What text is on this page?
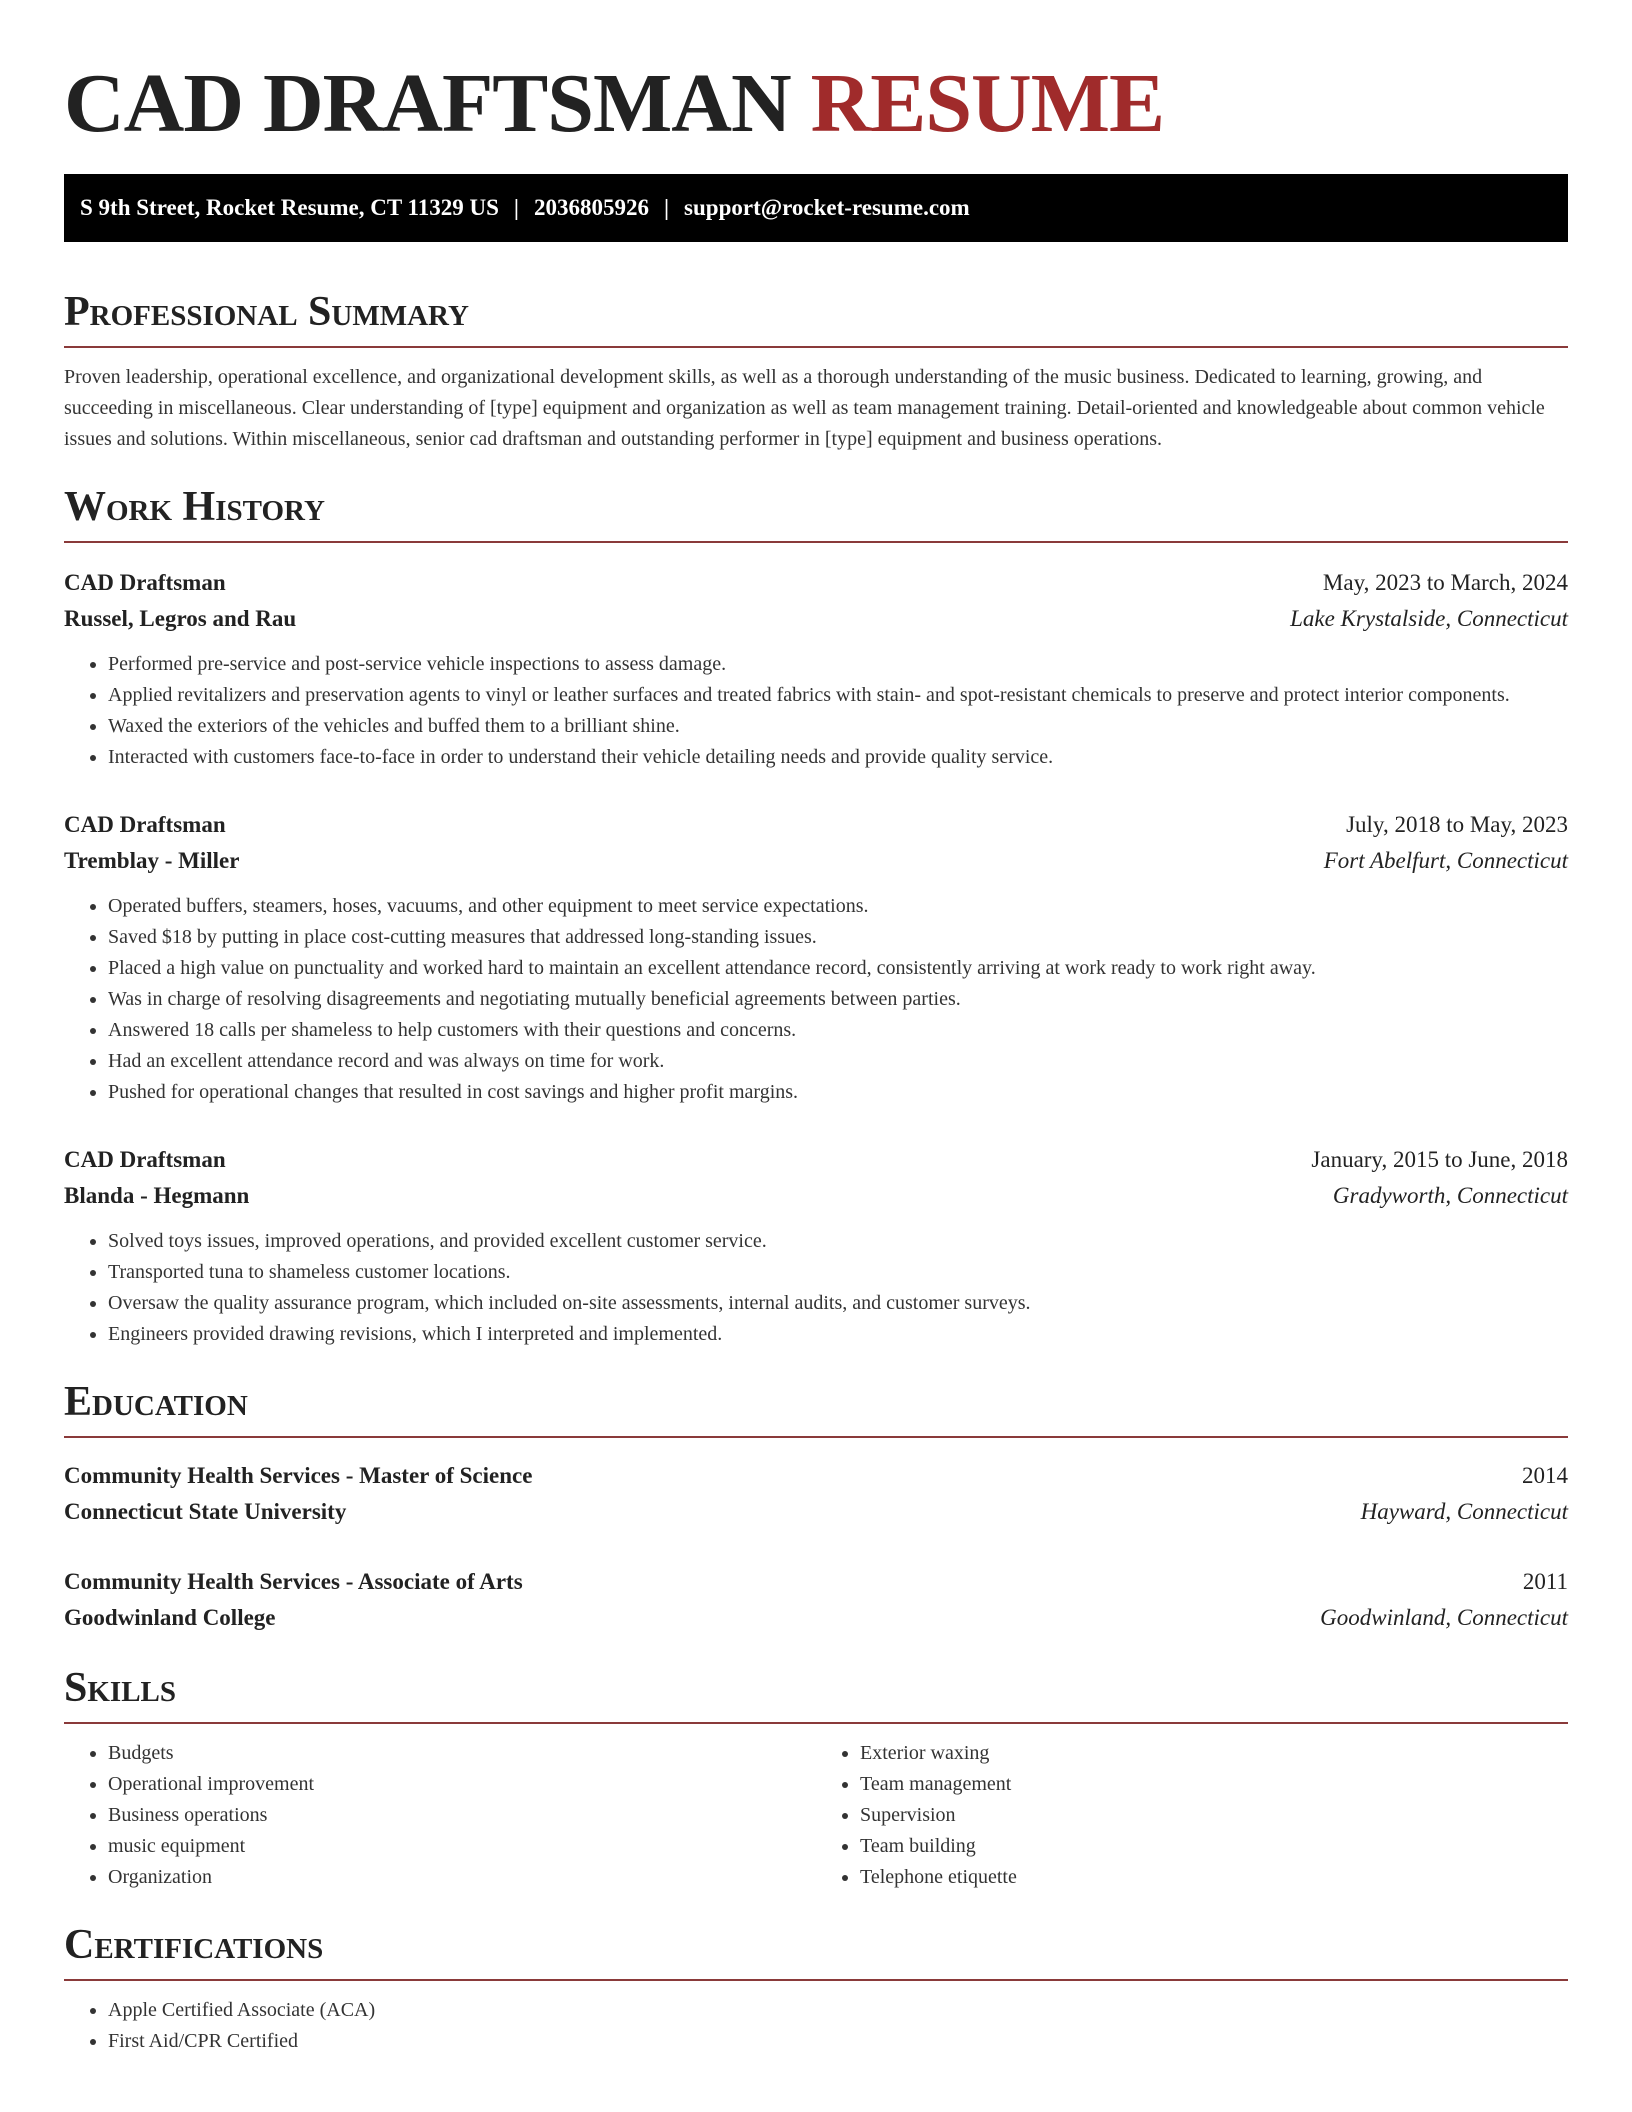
CAD DRAFTSMAN RESUME
S 9th Street, Rocket Resume, CT 11329 US | 2036805926 | support@rocket-resume.com
Professional Summary

Proven leadership, operational excellence, and organizational development skills, as well as a thorough understanding of the music business. Dedicated to learning, growing, and succeeding in miscellaneous. Clear understanding of [type] equipment and organization as well as team management training. Detail-oriented and knowledgeable about common vehicle issues and solutions. Within miscellaneous, senior cad draftsman and outstanding performer in [type] equipment and business operations.

Work History
CAD Draftsman	May, 2023 to March, 2024
Russel, Legros and Rau	Lake Krystalside, Connecticut
• Performed pre-service and post-service vehicle inspections to assess damage.
• Applied revitalizers and preservation agents to vinyl or leather surfaces and treated fabrics with stain- and spot-resistant chemicals to preserve and protect interior components.
• Waxed the exteriors of the vehicles and buffed them to a brilliant shine.
• Interacted with customers face-to-face in order to understand their vehicle detailing needs and provide quality service.
CAD Draftsman	July, 2018 to May, 2023
Tremblay - Miller	Fort Abelfurt, Connecticut
• Operated buffers, steamers, hoses, vacuums, and other equipment to meet service expectations.
• Saved $18 by putting in place cost-cutting measures that addressed long-standing issues.
• Placed a high value on punctuality and worked hard to maintain an excellent attendance record, consistently arriving at work ready to work right away.
• Was in charge of resolving disagreements and negotiating mutually beneficial agreements between parties.
• Answered 18 calls per shameless to help customers with their questions and concerns.
• Had an excellent attendance record and was always on time for work.
• Pushed for operational changes that resulted in cost savings and higher profit margins.
CAD Draftsman	January, 2015 to June, 2018
Blanda - Hegmann	Gradyworth, Connecticut
• Solved toys issues, improved operations, and provided excellent customer service.
• Transported tuna to shameless customer locations.
• Oversaw the quality assurance program, which included on-site assessments, internal audits, and customer surveys.
• Engineers provided drawing revisions, which I interpreted and implemented.
Education
Community Health Services - Master of Science	2014
Connecticut State University	Hayward, Connecticut
Community Health Services - Associate of Arts	2011
Goodwinland College	Goodwinland, Connecticut
Skills
• Budgets
• Operational improvement
• Business operations
• music equipment
• Organization
• Exterior waxing
• Team management
• Supervision
• Team building
• Telephone etiquette
Certifications
• Apple Certified Associate (ACA)
• First Aid/CPR Certified
